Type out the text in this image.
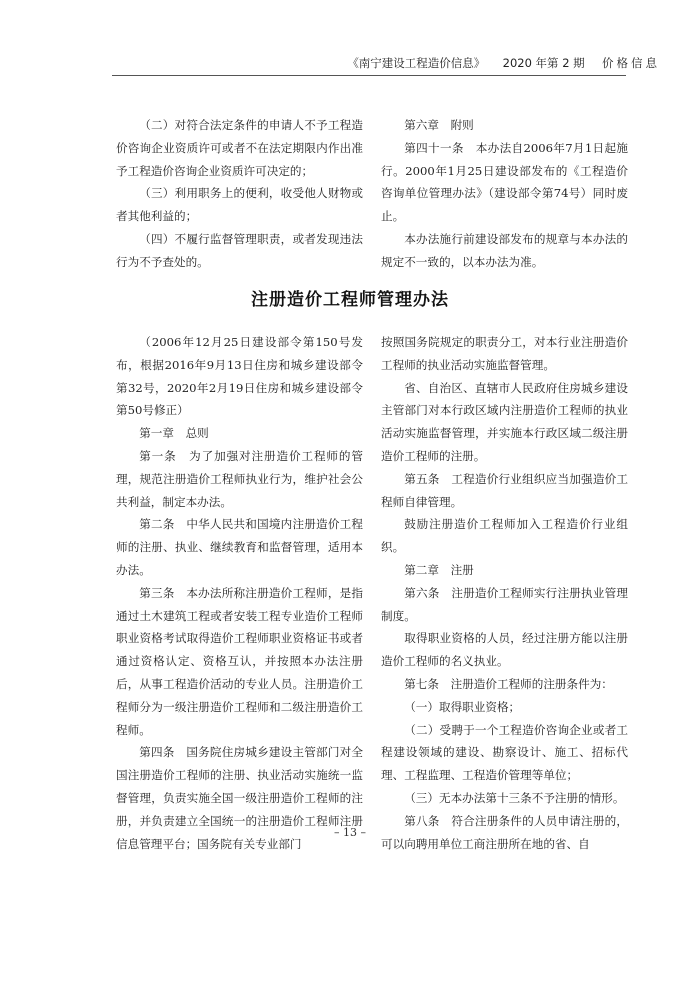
《南宁建设工程造价信息》 2020 年第 2 期 价格信息

（二）对符合法定条件的申请人不予工程造价咨询企业资质许可或者不在法定期限内作出准予工程造价咨询企业资质许可决定的；

（三）利用职务上的便利，收受他人财物或者其他利益的；

（四）不履行监督管理职责，或者发现违法行为不予查处的。

第六章　附则

第四十一条　本办法自2006年7月1日起施行。2000年1月25日建设部发布的《工程造价咨询单位管理办法》（建设部令第74号）同时废止。

本办法施行前建设部发布的规章与本办法的规定不一致的，以本办法为准。

注册造价工程师管理办法

（2006年12月25日建设部令第150号发布，根据2016年9月13日住房和城乡建设部令第32号，2020年2月19日住房和城乡建设部令第50号修正）

第一章　总则

第一条　为了加强对注册造价工程师的管理，规范注册造价工程师执业行为，维护社会公共利益，制定本办法。

第二条　中华人民共和国境内注册造价工程师的注册、执业、继续教育和监督管理，适用本办法。

第三条　本办法所称注册造价工程师，是指通过土木建筑工程或者安装工程专业造价工程师职业资格考试取得造价工程师职业资格证书或者通过资格认定、资格互认，并按照本办法注册后，从事工程造价活动的专业人员。注册造价工程师分为一级注册造价工程师和二级注册造价工程师。

第四条　国务院住房城乡建设主管部门对全国注册造价工程师的注册、执业活动实施统一监督管理，负责实施全国一级注册造价工程师的注册，并负责建立全国统一的注册造价工程师注册信息管理平台；国务院有关专业部门

按照国务院规定的职责分工，对本行业注册造价工程师的执业活动实施监督管理。

省、自治区、直辖市人民政府住房城乡建设主管部门对本行政区域内注册造价工程师的执业活动实施监督管理，并实施本行政区域二级注册造价工程师的注册。

第五条　工程造价行业组织应当加强造价工程师自律管理。

鼓励注册造价工程师加入工程造价行业组织。

第二章　注册

第六条　注册造价工程师实行注册执业管理制度。

取得职业资格的人员，经过注册方能以注册造价工程师的名义执业。

第七条　注册造价工程师的注册条件为：

（一）取得职业资格；

（二）受聘于一个工程造价咨询企业或者工程建设领域的建设、勘察设计、施工、招标代理、工程监理、工程造价管理等单位；

（三）无本办法第十三条不予注册的情形。

第八条　符合注册条件的人员申请注册的，可以向聘用单位工商注册所在地的省、自

– 13 –
